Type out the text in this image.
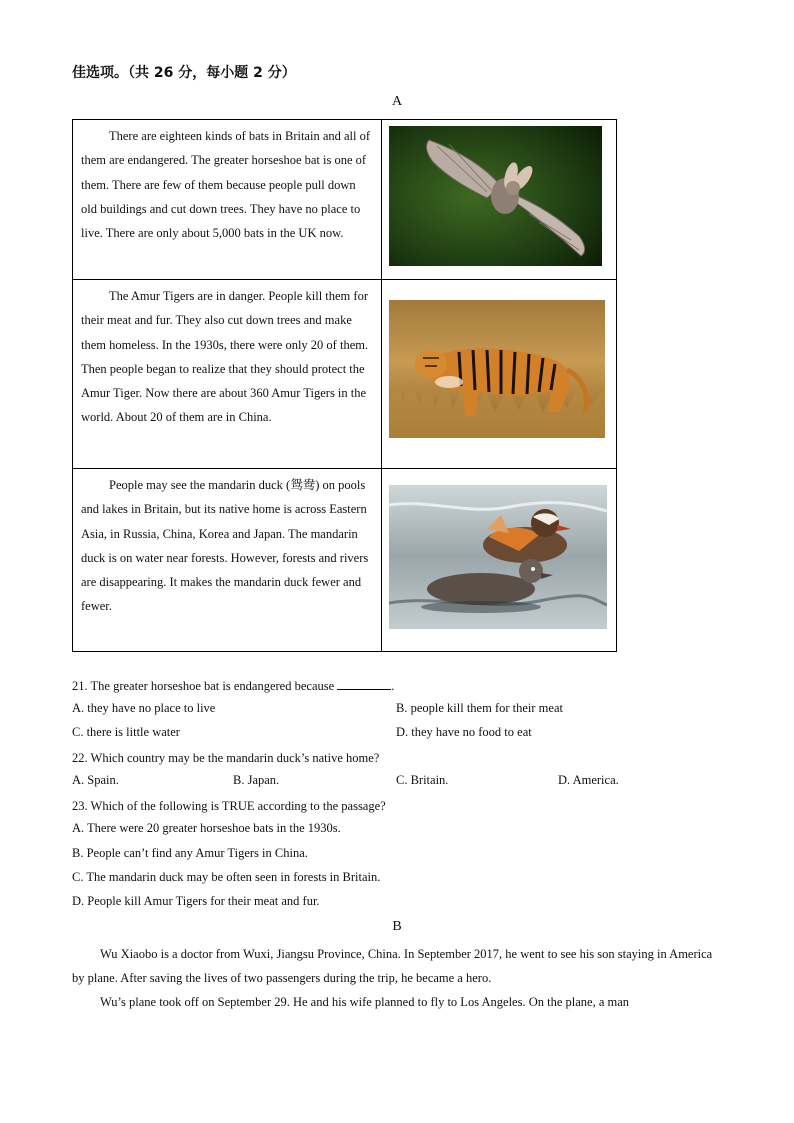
佳选项。（共 26 分，每小题 2 分）
A

There are eighteen kinds of bats in Britain and all of them are endangered. The greater horseshoe bat is one of them. There are few of them because people pull down old buildings and cut down trees. They have no place to live. There are only about 5,000 bats in the UK now.

The Amur Tigers are in danger. People kill them for their meat and fur. They also cut down trees and make them homeless. In the 1930s, there were only 20 of them. Then people began to realize that they should protect the Amur Tiger. Now there are about 360 Amur Tigers in the world. About 20 of them are in China.

People may see the mandarin duck (鸳鸯) on pools and lakes in Britain, but its native home is across Eastern Asia, in Russia, China, Korea and Japan. The mandarin duck is on water near forests. However, forests and rivers are disappearing. It makes the mandarin duck fewer and fewer.

21. The greater horseshoe bat is endangered because	.
A. they have no place to live	B. people kill them for their meat
C. there is little water	D. they have no food to eat
22. Which country may be the mandarin duck’s native home?
A. Spain.	B. Japan.	C. Britain.	D. America.
23. Which of the following is TRUE according to the passage?
A. There were 20 greater horseshoe bats in the 1930s.
B. People can’t find any Amur Tigers in China.
C. The mandarin duck may be often seen in forests in Britain.
D. People kill Amur Tigers for their meat and fur.
B

Wu Xiaobo is a doctor from Wuxi, Jiangsu Province, China. In September 2017, he went to see his son staying in America by plane. After saving the lives of two passengers during the trip, he became a hero.

Wu’s plane took off on September 29. He and his wife planned to fly to Los Angeles. On the plane, a man
